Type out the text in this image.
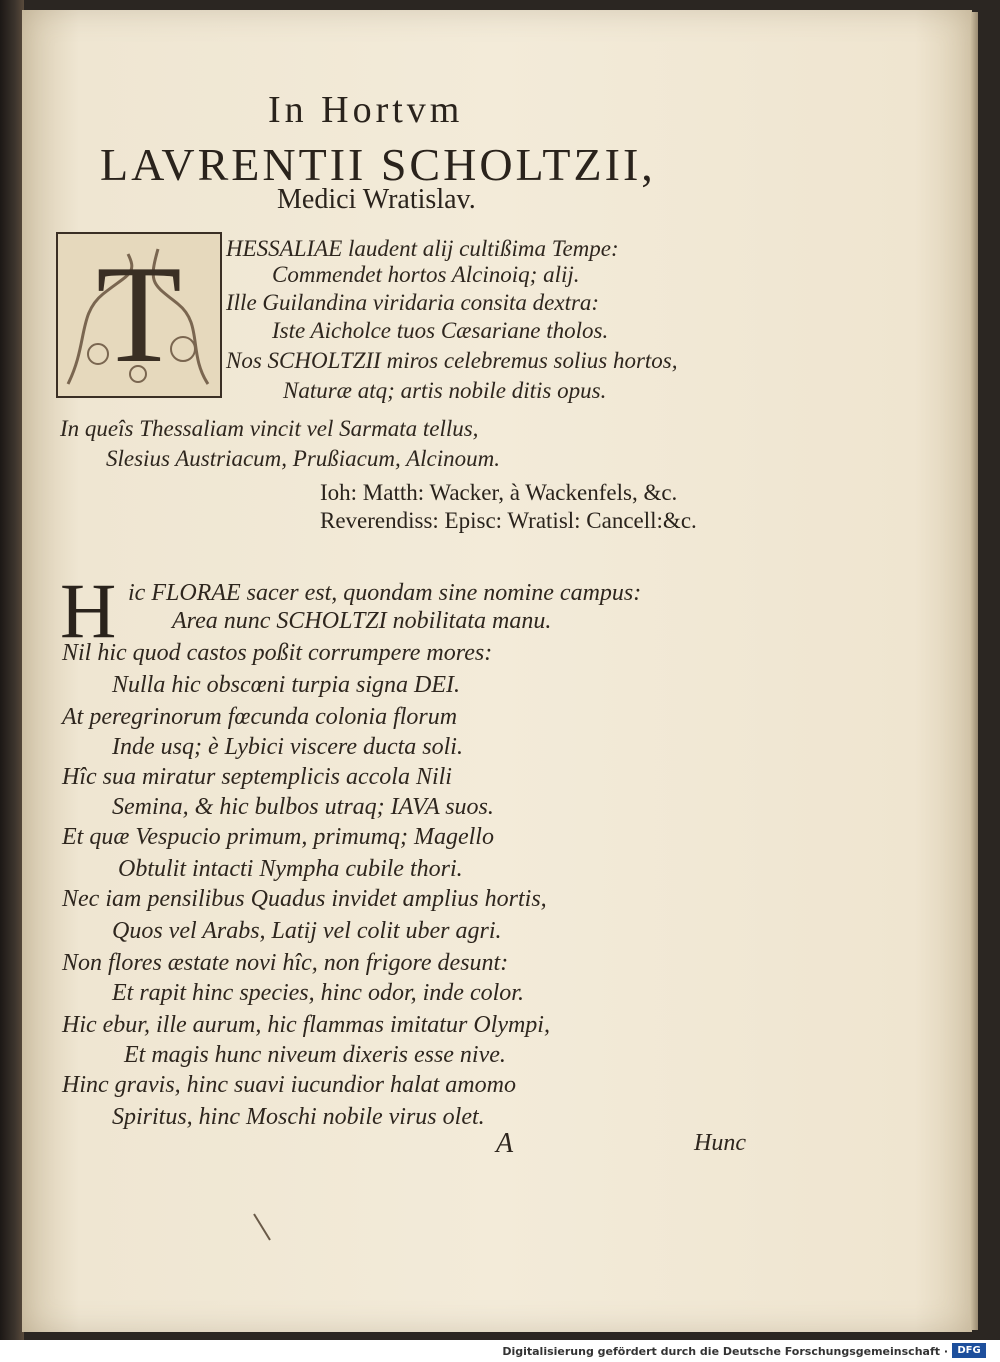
In Hortvm
LAVRENTII SCHOLTZII,
Medici Wratislav.
T	HESSALIAE laudent alij cultißima Tempe:
Commendet hortos Alcinoiq; alij.
Ille Guilandina viridaria consita dextra:
Iste Aicholce tuos Cæsariane tholos.
Nos SCHOLTZII miros celebremus solius hortos,
Naturæ atq; artis nobile ditis opus.
In queîs Thessaliam vincit vel Sarmata tellus,
Slesius Austriacum, Prußiacum, Alcinoum.
Ioh: Matth: Wacker, à Wackenfels, &c.
Reverendiss: Episc: Wratisl: Cancell:&c.
H ic FLORAE sacer est, quondam sine nomine campus:
Area nunc SCHOLTZI nobilitata manu.
Nil hic quod castos poßit corrumpere mores:
Nulla hic obscœni turpia signa DEI.
At peregrinorum fœcunda colonia florum
Inde usq; è Lybici viscere ducta soli.
Hîc sua miratur septemplicis accola Nili
Semina, & hic bulbos utraq; IAVA suos.
Et quæ Vespucio primum, primumq; Magello
Obtulit intacti Nympha cubile thori.
Nec iam pensilibus Quadus invidet amplius hortis,
Quos vel Arabs, Latij vel colit uber agri.
Non flores æstate novi hîc, non frigore desunt:
Et rapit hinc species, hinc odor, inde color.
Hic ebur, ille aurum, hic flammas imitatur Olympi,
Et magis hunc niveum dixeris esse nive.
Hinc gravis, hinc suavi iucundior halat amomo
Spiritus, hinc Moschi nobile virus olet.
A	Hunc
Digitalisierung gefördert durch die Deutsche Forschungsgemeinschaft · DFG
